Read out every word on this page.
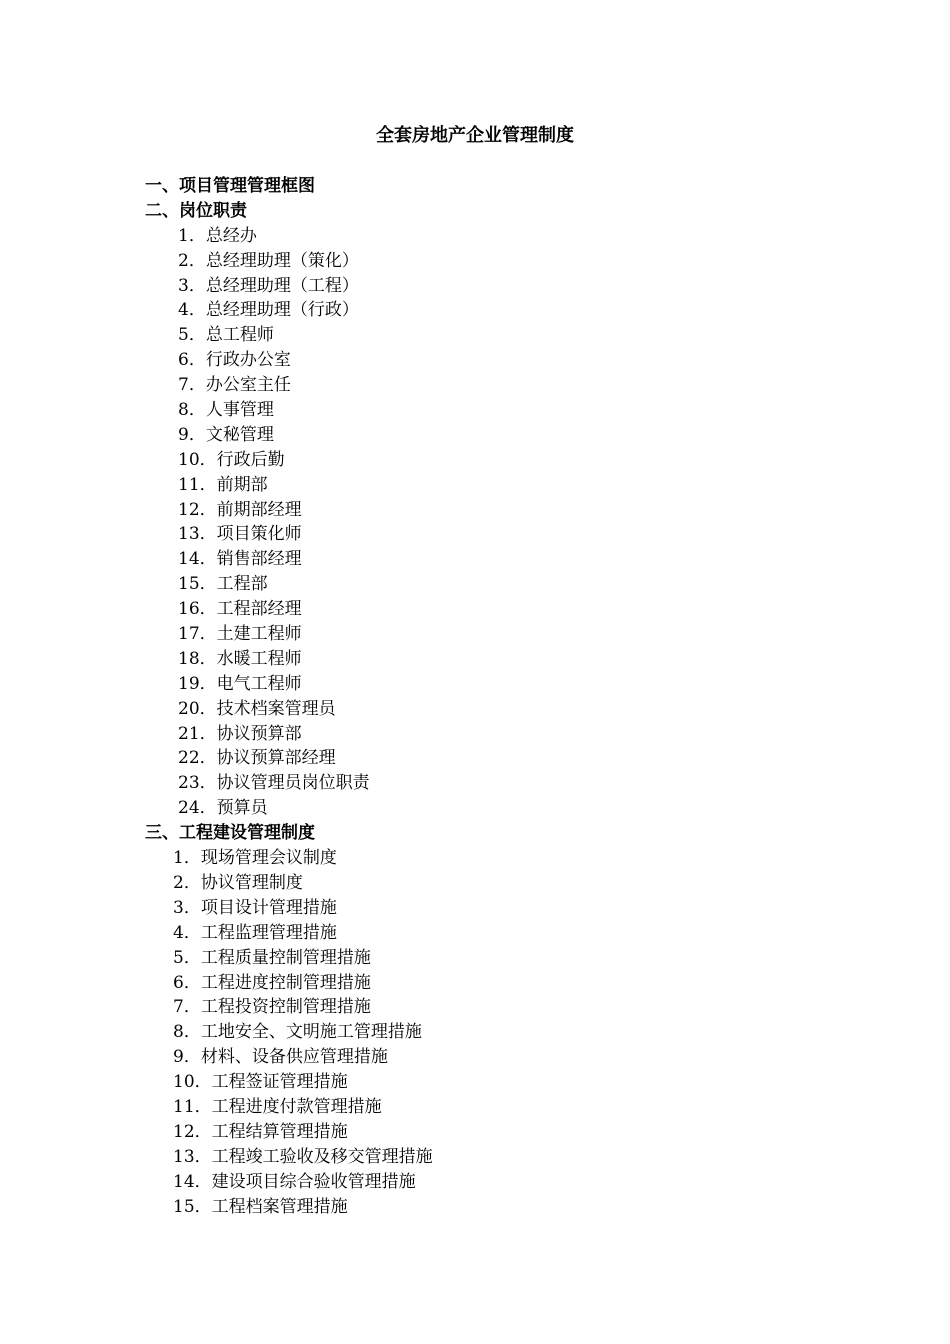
全套房地产企业管理制度
一、项目管理管理框图
二、岗位职责
1．总经办
2．总经理助理（策化）
3．总经理助理（工程）
4．总经理助理（行政）
5．总工程师
6．行政办公室
7．办公室主任
8．人事管理
9．文秘管理
10．行政后勤
11．前期部
12．前期部经理
13．项目策化师
14．销售部经理
15．工程部
16．工程部经理
17．土建工程师
18．水暖工程师
19．电气工程师
20．技术档案管理员
21．协议预算部
22．协议预算部经理
23．协议管理员岗位职责
24．预算员
三、工程建设管理制度
1．现场管理会议制度
2．协议管理制度
3．项目设计管理措施
4．工程监理管理措施
5．工程质量控制管理措施
6．工程进度控制管理措施
7．工程投资控制管理措施
8．工地安全、文明施工管理措施
9．材料、设备供应管理措施
10．工程签证管理措施
11．工程进度付款管理措施
12．工程结算管理措施
13．工程竣工验收及移交管理措施
14．建设项目综合验收管理措施
15．工程档案管理措施
